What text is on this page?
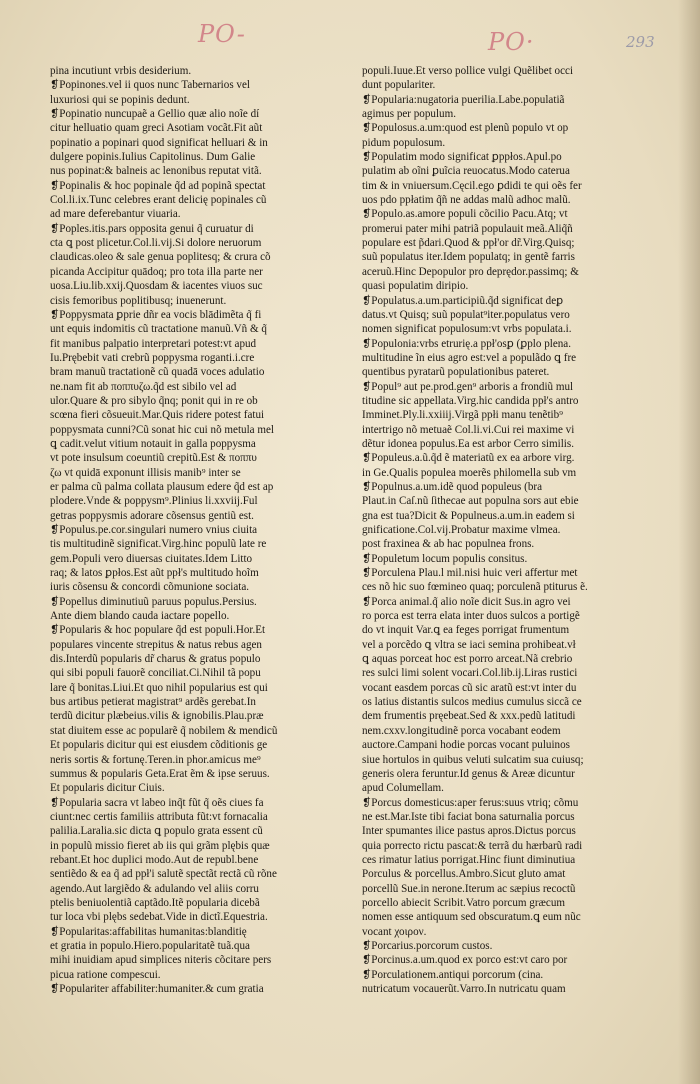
PO-	PO·	293
pina incutiunt vrbis desiderium.
❡Popinones.vel ii quos nunc Tabernarios vel
luxuriosi qui se popinis dedunt.
❡Popinatio nuncupaẽ a Gellio quæ alio noĩe dí
citur helluatio quam greci Asotiam vocãt.Fit aũt
popinatio a popinari quod significat helluari & in
dulgere popinis.Iulius Capitolinus. Dum Galie
nus popinat:& balneis ac lenonibus reputat vitã.
❡Popinalis & hoc popinale q̃d ad popinã spectat
Col.li.ix.Tunc celebres erant delicię popinales cũ
ad mare deferebantur viuaria.
❡Poples.itis.pars opposita genui q̃ curuatur di
cta ꝗ post plicetur.Col.li.vij.Si dolore neruorum
claudicas.oleo & sale genua poplitesq; & crura cõ
picanda Accipitur quādoq; pro tota illa parte ner
uosa.Liu.lib.xxij.Quosdam & iacentes viuos suc
cisis femoribus poplitibusq; inuenerunt.
❡Poppysmata ꝑprie dñr ea vocis blādimẽta q̃ fi
unt equis indomitis cũ tractatione manuũ.Vñ & q̃
fit manibus palpatio interpretari potest:vt apud
Iu.Prębebit vati crebrũ poppysma roganti.i.cre
bram manuũ tractationẽ cũ quadā voces adulatio
ne.nam fit ab ποππυζω.q̃d est sibilo vel ad
ulor.Quare & pro sibylo q̃nq; ponit qui in re ob
scœna fieri cõsueuit.Mar.Quis ridere potest fatui
poppysmata cunni?Cũ sonat hic cui nõ metula mel
ꝗ cadit.velut vitium notauit in galla poppysma
vt pote insulsum coeuntiũ crepitũ.Est & ποππυ
ζω vt quidā exponunt illisis manib⁹ inter se
er palma cũ palma collata plausum edere q̃d est ap
plodere.Vnde & poppysm⁹.Plinius li.xxviij.Ful
getras poppysmis adorare cõsensus gentiũ est.
❡Populus.pe.cor.singulari numero vnius ciuita
tis multitudinẽ significat.Virg.hinc populũ late re
gem.Populi vero diuersas ciuitates.Idem Litto
raq; & latos ꝑpłos.Est aũt ppł's multitudo hoĩm
iuris cõsensu & concordi cõmunione sociata.
❡Popellus diminutiuũ paruus populus.Persius.
Ante diem blando cauda iactare popello.
❡Popularis & hoc populare q̃d est populi.Hor.Et
populares vincente strepitus & natus rebus agen
dis.Interdũ popularis dr̃ charus & gratus populo
qui sibi populi fauorẽ conciliat.Ci.Nihil tã popu
lare q̃ bonitas.Liui.Et quo nihil popularius est qui
bus artibus petierat magistrat⁹ ardẽs gerebat.In
terdũ dicitur plæbeius.vilis & ignobilis.Plau.præ
stat diuitem esse ac popularẽ q̃ nobilem & mendicũ
Et popularis dicitur qui est eiusdem cõditionis ge
neris sortis & fortunę.Teren.in phor.amicus me⁹
summus & popularis Geta.Erat ẽm & ipse seruus.
Et popularis dicitur Ciuis.
❡Popularia sacra vt labeo inq̃t fũt q̃ oẽs ciues fa
ciunt:nec certis familiis attributa fũt:vt fornacalia
palilia.Laralia.sic dicta ꝗ populo grata essent cũ
in populũ missio fieret ab iis qui grãm plębis quæ
rebant.Et hoc duplici modo.Aut de republ.bene
sentiẽdo & ea q̃ ad ppł'i salutẽ spectãt rectã cũ rõne
agendo.Aut largiẽdo & adulando vel aliis corru
ptelis beniuolentiã captãdo.Itẽ popularia dicebã
tur loca vbi plębs sedebat.Vide in dictĩ.Equestria.
❡Popularitas:affabilitas humanitas:blanditię
et gratia in populo.Hiero.popularitatẽ tuã.qua
mihi inuidiam apud simplices niteris cõcitare pers
picua ratione compescui.
❡Populariter affabiliter:humaniter.& cum gratia
populi.Iuue.Et verso pollice vulgi Quẽlibet occi
dunt populariter.
❡Popularia:nugatoria puerilia.Labe.populatiã
agimus per populum.
❡Populosus.a.um:quod est plenũ populo vt op
pidum populosum.
❡Populatim modo significat ꝑppłos.Apul.po
pulatim ab oĩni ꝑuĩcia reuocatus.Modo caterua
tim & in vniuersum.Cęcil.ego ꝑdidi te qui oẽs fer
uos pdo ppłatim q̃ñ ne addas malũ adhoc malũ.
❡Populo.as.amore populi cõcilio Pacu.Atq; vt
promerui pater mihi patriã populauit meã.Aliq̃ñ
populare est p̃dari.Quod & ppł'or dr̃.Virg.Quisq;
suũ populatus iter.Idem populatq; in gentẽ farris
aceruũ.Hinc Depopulor pro deprędor.passimq; &
quasi populatim diripio.
❡Populatus.a.um.participiũ.q̃d significat deꝑ
datus.vt Quisq; suũ populat⁹iter.populatus vero
nomen significat populosum:vt vrbs populata.i.
❡Populonia:vrbs etrurię.a ppł'osꝑ (ꝑplo plena.
multitudine ĩn eius agro est:vel a populãdo ꝗ fre
quentibus pyratarũ populationibus pateret.
❡Popul⁹ aut pe.prod.gen⁹ arboris a frondiũ mul
titudine sic appellata.Virg.hic candida ppł's antro
Imminet.Ply.li.xxiiij.Virgã ppłi manu tenẽtib⁹
intertrigo nõ metuaẽ Col.li.vi.Cui rei maxime vi
dẽtur idonea populus.Ea est arbor Cerro similis.
❡Populeus.a.ũ.q̃d ẽ materiatũ ex ea arbore virg.
in Ge.Qualis populea moerẽs philomella sub vm
❡Populnus.a.um.idẽ quod populeus (bra
Plaut.in Caſ.nũ ſithecae aut populna sors aut ebie
gna est tua?Dicit & Populneus.a.um.in eadem si
gnificatione.Col.vij.Probatur maxime vlmea.
post fraxinea & ab hac populnea frons.
❡Populetum locum populis consitus.
❡Porculena Plau.l mil.nisi huic veri affertur met
ces nõ hic suo fœmineo quaq; porculenã ptiturus ẽ.
❡Porca animal.q̃ alio noĩe dicit Sus.in agro vei
ro porca est terra elata inter duos sulcos a portigẽ
do vt inquit Var.ꝗ ea feges porrigat frumentum
vel a porcẽdo ꝗ vltra se iaci semina prohibeat.vł
ꝗ aquas porceat hoc est porro arceat.Nã crebrio
res sulci limi solent vocari.Col.lib.ij.Liras rustici
vocant easdem porcas cũ sic aratũ est:vt inter du
os latius distantis sulcos medius cumulus siccã ce
dem frumentis pręebeat.Sed & xxx.pedũ latitudi
nem.cxxv.longitudinẽ porca vocabant eodem
auctore.Campani hodie porcas vocant puluinos
siue hortulos in quibus veluti sulcatim sua cuiusq;
generis olera feruntur.Id genus & Areæ dicuntur
apud Columellam.
❡Porcus domesticus:aper ferus:suus vtriq; cõmu
ne est.Mar.Iste tibi faciat bona saturnalia porcus
Inter spumantes ilice pastus apros.Dictus porcus
quia porrecto rictu pascat:& terrã du hærbarũ radi
ces rimatur latius porrigat.Hinc fiunt diminutiua
Porculus & porcellus.Ambro.Sicut gluto amat
porcellũ Sue.in nerone.Iterum ac sæpius recoctũ
porcello abiecit Scribit.Vatro porcum græcum
nomen esse antiquum sed obscuratum.ꝗ eum nũc
vocant χοιρον.
❡Porcarius.porcorum custos.
❡Porcinus.a.um.quod ex porco est:vt caro por
❡Porculationem.antiqui porcorum (cina.
nutricatum vocauerũt.Varro.In nutricatu quam
